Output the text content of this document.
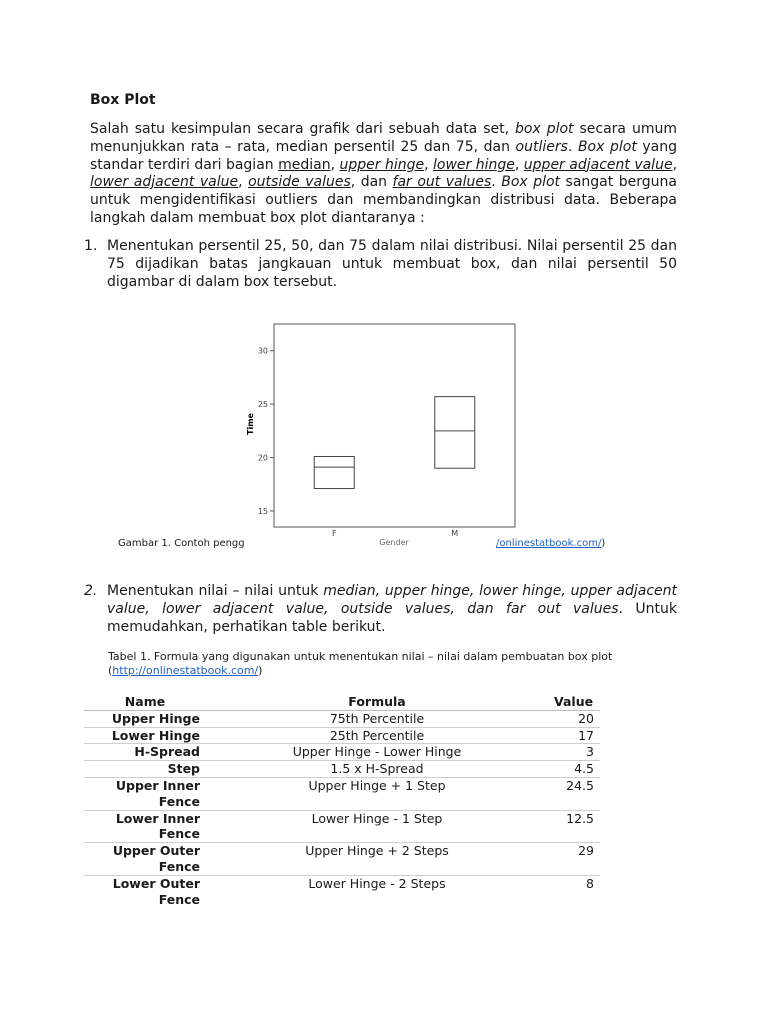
Box Plot

Salah satu kesimpulan secara grafik dari sebuah data set, box plot secara umum menunjukkan rata – rata, median persentil 25 dan 75, dan outliers. Box plot yang standar terdiri dari bagian median, upper hinge, lower hinge, upper adjacent value, lower adjacent value, outside values, dan far out values. Box plot sangat berguna untuk mengidentifikasi outliers dan membandingkan distribusi data. Beberapa langkah dalam membuat box plot diantaranya :

1. Menentukan persentil 25, 50, dan 75 dalam nilai distribusi. Nilai persentil 25 dan 75 dijadikan batas jangkauan untuk membuat box, dan nilai persentil 50 digambar di dalam box tersebut.
15
20
25
30
F	M
Time
Gender
Gambar 1. Contoh pengg	/onlinestatbook.com/)
2. Menentukan nilai – nilai untuk median, upper hinge, lower hinge, upper adjacent value, lower adjacent value, outside values, dan far out values. Untuk memudahkan, perhatikan table berikut.
Tabel 1. Formula yang digunakan untuk menentukan nilai – nilai dalam pembuatan box plot
(http://onlinestatbook.com/)
Name	Formula	Value
Upper Hinge	75th Percentile	20
Lower Hinge	25th Percentile	17
H-Spread	Upper Hinge - Lower Hinge	3
Step	1.5 x H-Spread	4.5
Upper Inner Fence	Upper Hinge + 1 Step	24.5
Lower Inner Fence	Lower Hinge - 1 Step	12.5
Upper Outer Fence	Upper Hinge + 2 Steps	29
Lower Outer Fence	Lower Hinge - 2 Steps	8
